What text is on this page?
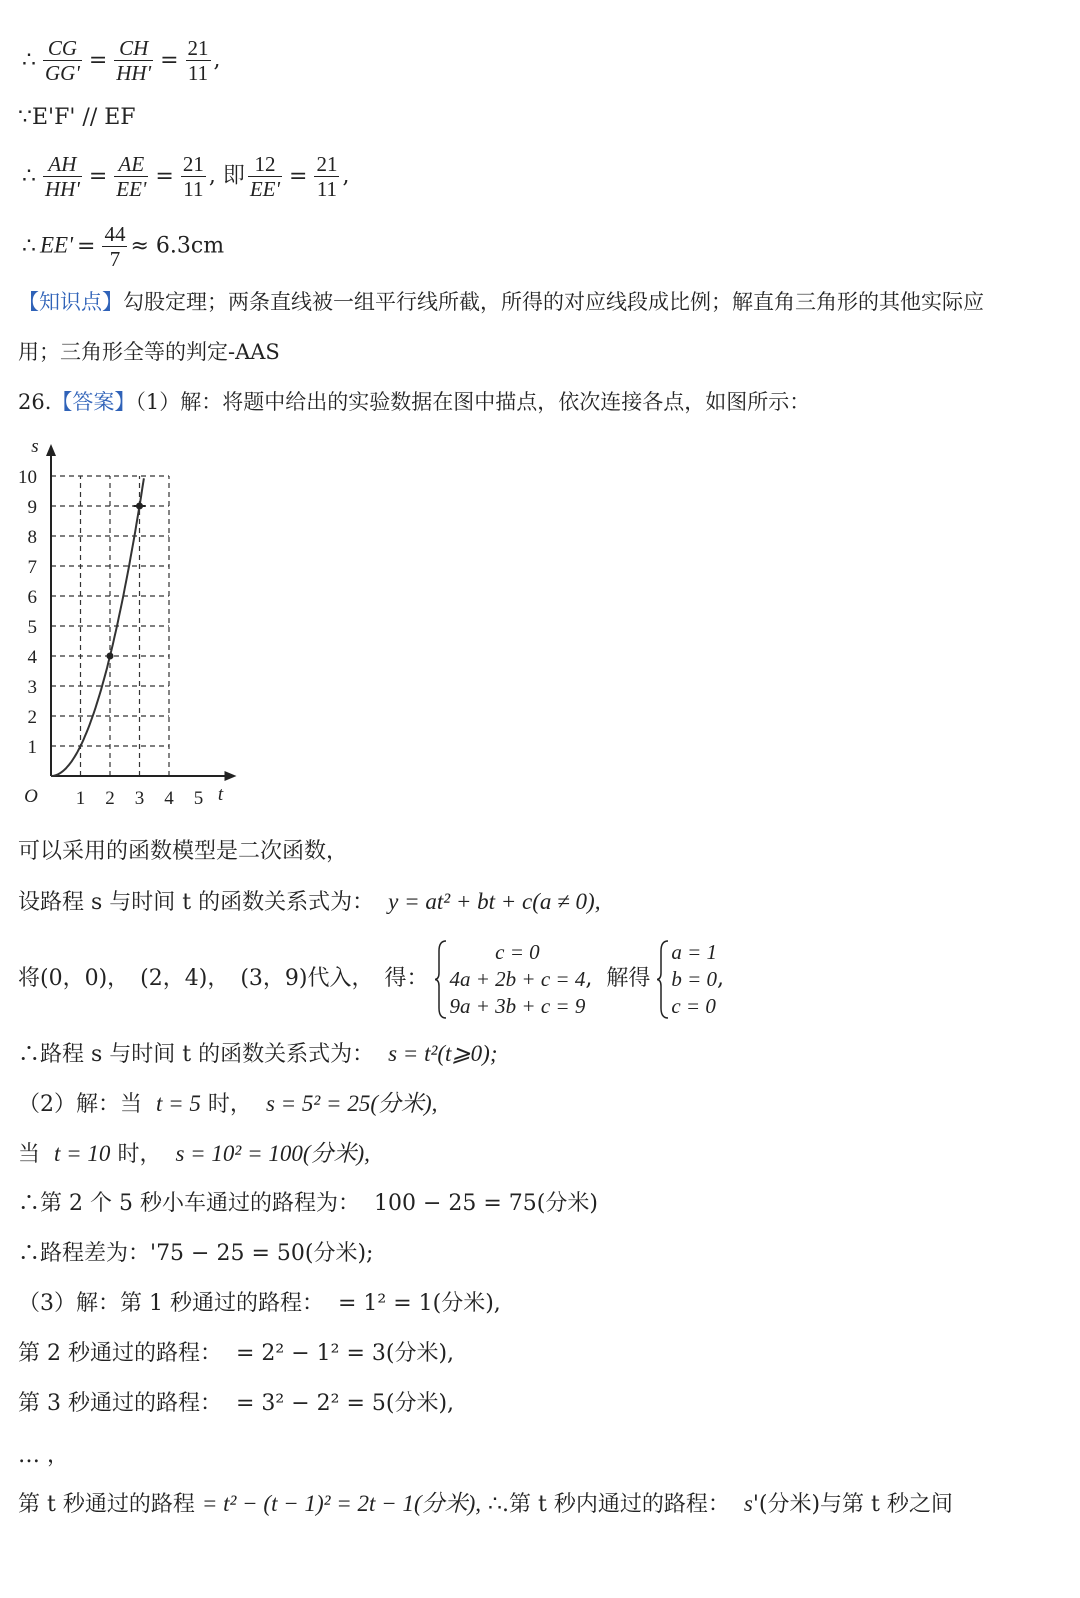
∴ $\frac{CG}{GG'} = \frac{CH}{HH'} = \frac{21}{11}$ ,
∵E'F' // EF
∴ $\frac{AH}{HH'} = \frac{AE}{EE'} = \frac{21}{11}$ , 即 $\frac{12}{EE'} = \frac{21}{11}$ ,
∴ $EE' = \frac{44}{7} \approx 6.3cm$
【知识点】勾股定理；两条直线被一组平行线所截，所得的对应线段成比例；解直角三角形的其他实际应
用；三角形全等的判定-AAS
26.【答案】（1）解：将题中给出的实验数据在图中描点，依次连接各点，如图所示：
1 2 3 4 5
1
2
3
4
5
6
7
8
9
10
O	t
s
可以采用的函数模型是二次函数，
设路程 s 与时间 t 的函数关系式为： y = at² + bt + c(a ≠ 0),
将(0，0)，　(2，4)，　(3，9)代入，　得：
c = 0
4a + 2b + c = 4
9a + 3b + c = 9
, 解得
a = 1
b = 0
c = 0
,
∴路程 s 与时间 t 的函数关系式为： s = t²(t⩾0);
（2）解：当 t = 5 时， s = 5² = 25(分米),
当 t = 10 时， s = 10² = 100(分米),
∴第 2 个 5 秒小车通过的路程为： 100 − 25 = 75(分米)
∴路程差为：'75 − 25 = 50(分米);
（3）解：第 1 秒通过的路程： = 1² = 1(分米),
第 2 秒通过的路程： = 2² − 1² = 3(分米),
第 3 秒通过的路程： = 3² − 2² = 5(分米),
… ，
第 t 秒通过的路程 = t² − (t − 1)² = 2t − 1(分米), ∴.第 t 秒内通过的路程： s'(分米)与第 t 秒之间
